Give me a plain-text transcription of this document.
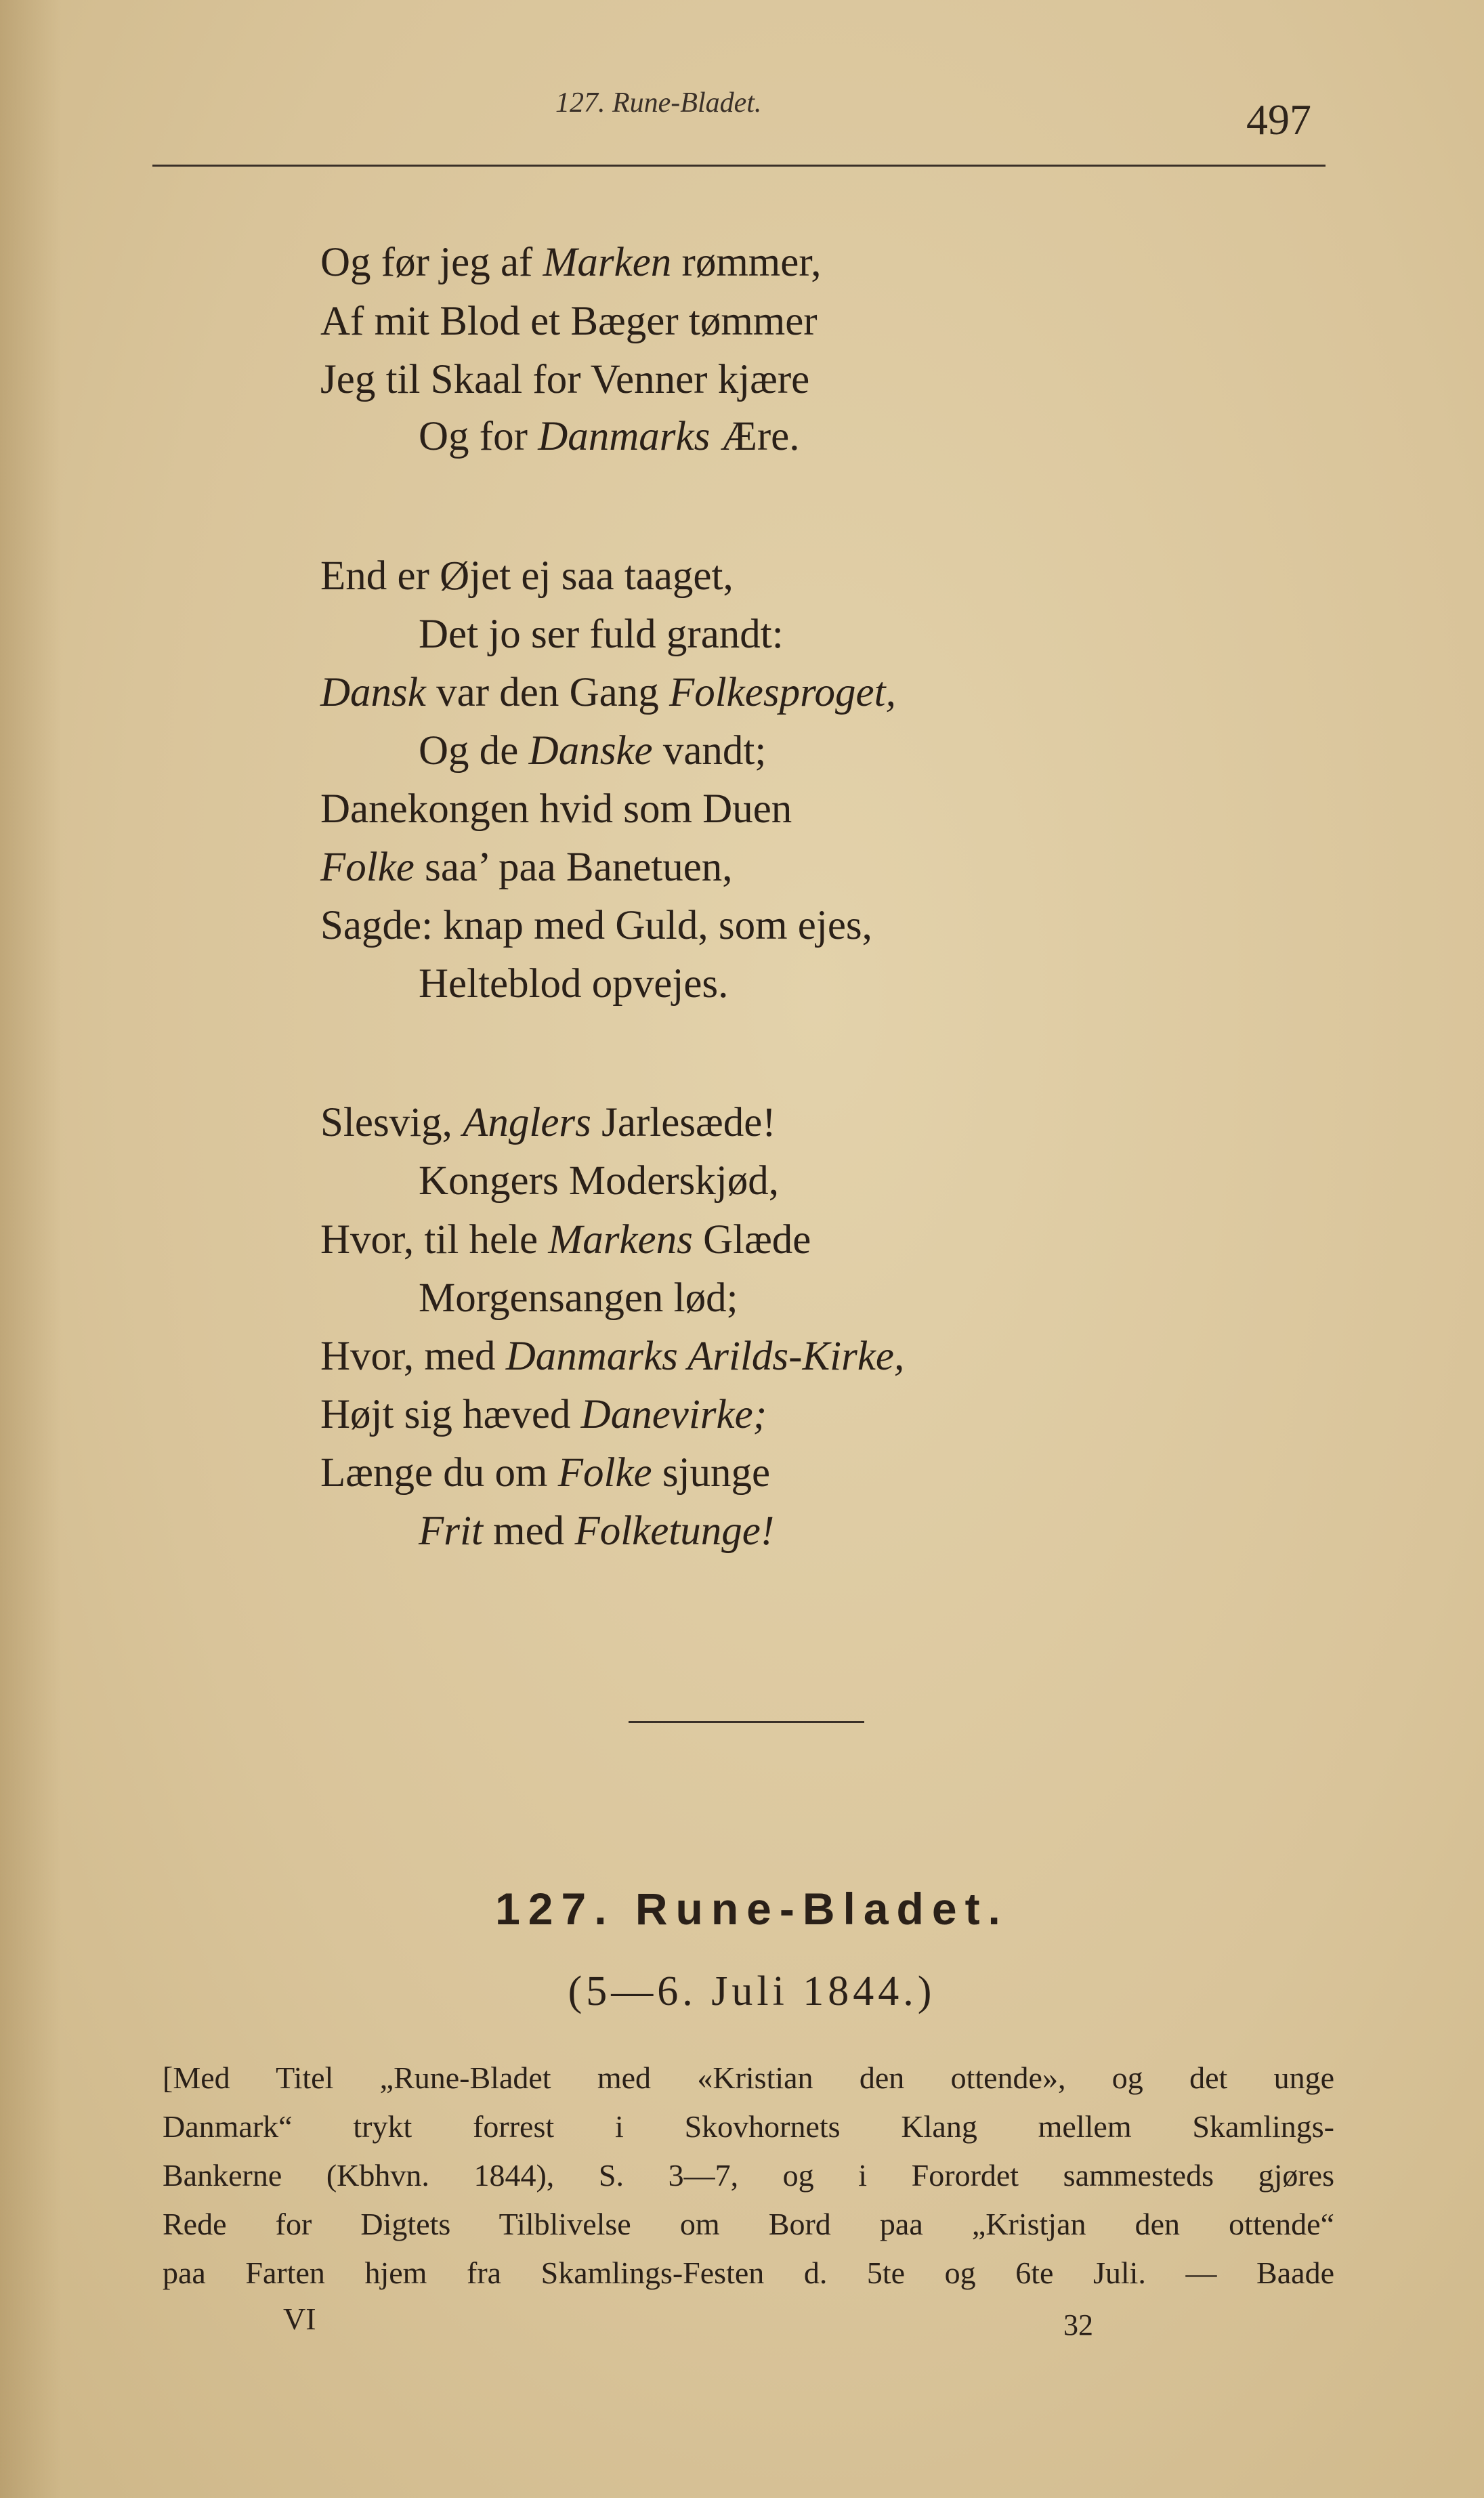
127. Rune-Bladet.	497
Og før jeg af Marken rømmer,
Af mit Blod et Bæger tømmer
Jeg til Skaal for Venner kjære
Og for Danmarks Ære.
End er Øjet ej saa taaget,
Det jo ser fuld grandt:
Dansk var den Gang Folkesproget,
Og de Danske vandt;
Danekongen hvid som Duen
Folke saa’ paa Banetuen,
Sagde: knap med Guld, som ejes,
Helteblod opvejes.
Slesvig, Anglers Jarlesæde!
Kongers Moderskjød,
Hvor, til hele Markens Glæde
Morgensangen lød;
Hvor, med Danmarks Arilds-Kirke,
Højt sig hæved Danevirke;
Længe du om Folke sjunge
Frit med Folketunge!
127. Rune-Bladet.
(5—6. Juli 1844.)
[Med Titel „Rune-Bladet med «Kristian den ottende», og det unge
Danmark“ trykt forrest i Skovhornets Klang mellem Skamlings-
Bankerne (Kbhvn. 1844), S. 3—7, og i Forordet sammesteds gjøres
Rede for Digtets Tilblivelse om Bord paa „Kristjan den ottende“
paa Farten hjem fra Skamlings-Festen d. 5te og 6te Juli. — Baade
VI	32
